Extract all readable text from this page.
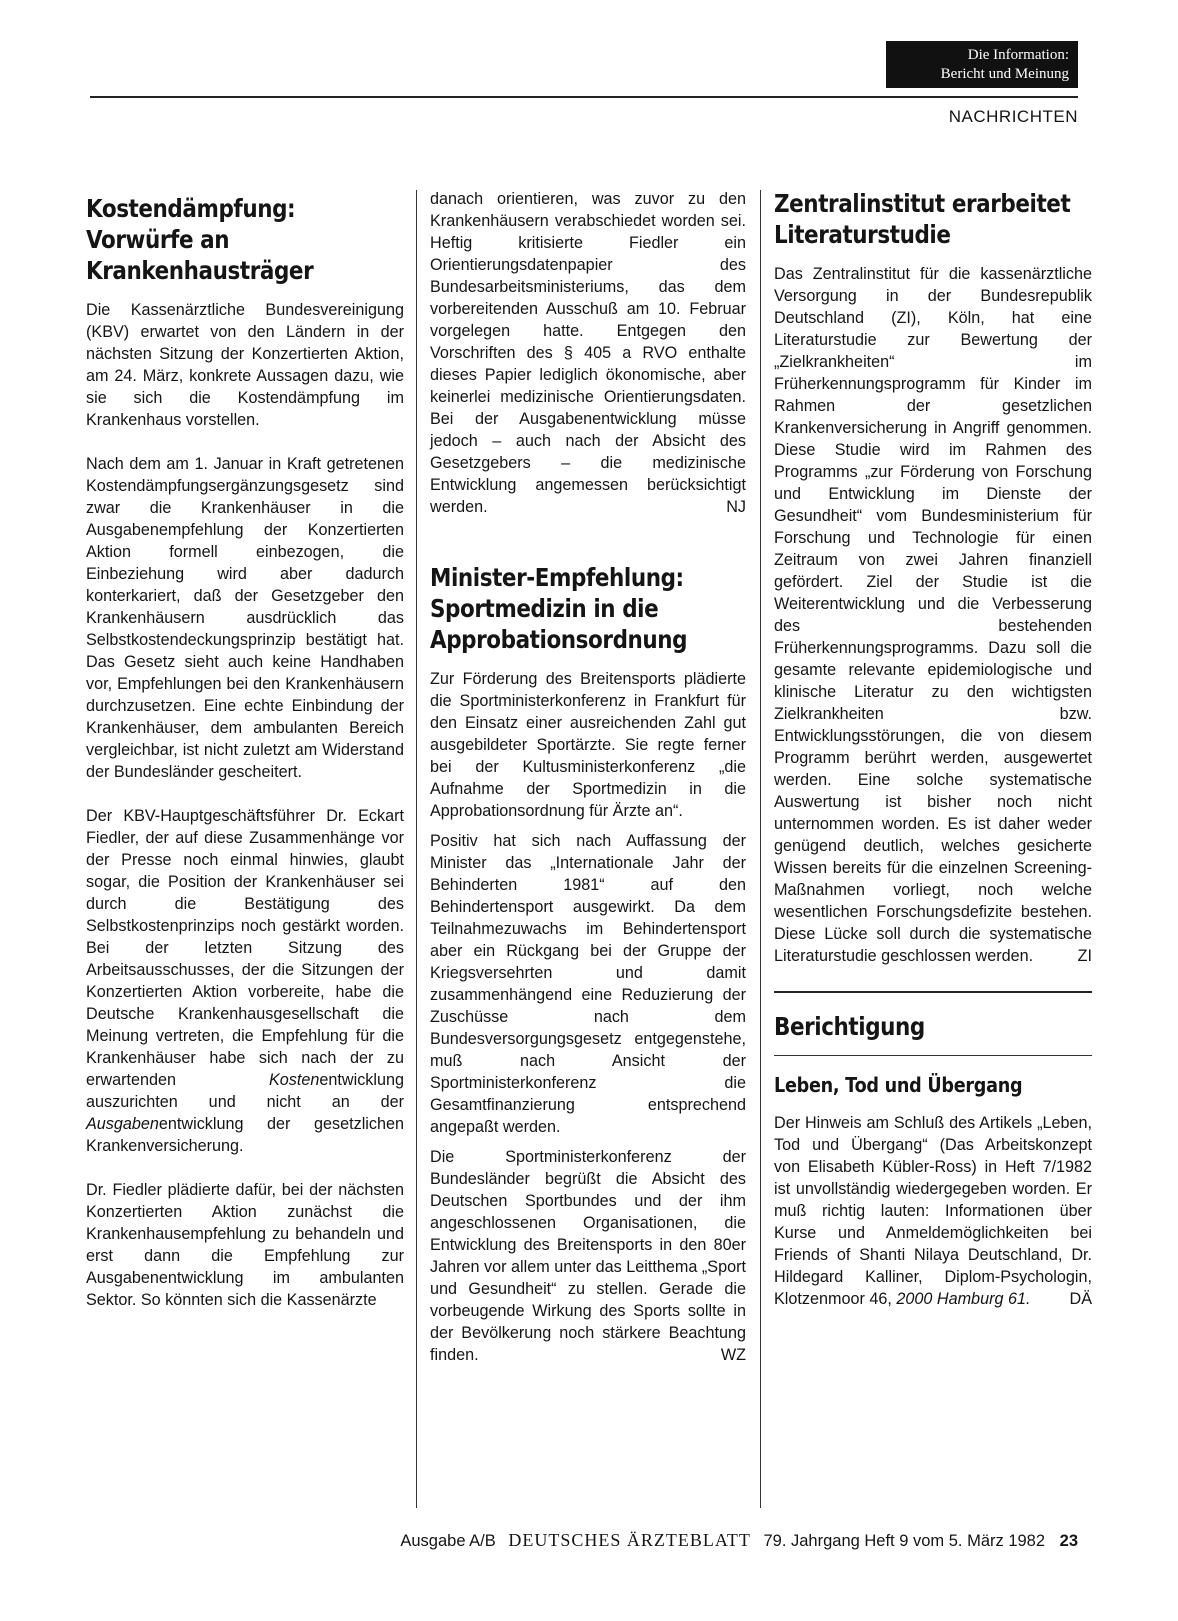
Die Information:
Bericht und Meinung
NACHRICHTEN
Kostendämpfung:
Vorwürfe an
Krankenhausträger

Die Kassenärztliche Bundesvereinigung (KBV) erwartet von den Ländern in der nächsten Sitzung der Konzertierten Aktion, am 24. März, konkrete Aussagen dazu, wie sie sich die Kostendämpfung im Krankenhaus vorstellen.

Nach dem am 1. Januar in Kraft getretenen Kostendämpfungsergänzungsgesetz sind zwar die Krankenhäuser in die Ausgabenempfehlung der Konzertierten Aktion formell einbezogen, die Einbeziehung wird aber dadurch konterkariert, daß der Gesetzgeber den Krankenhäusern ausdrücklich das Selbstkostendeckungsprinzip bestätigt hat. Das Gesetz sieht auch keine Handhaben vor, Empfehlungen bei den Krankenhäusern durchzusetzen. Eine echte Einbindung der Krankenhäuser, dem ambulanten Bereich vergleichbar, ist nicht zuletzt am Widerstand der Bundesländer gescheitert.

Der KBV-Hauptgeschäftsführer Dr. Eckart Fiedler, der auf diese Zusammenhänge vor der Presse noch einmal hinwies, glaubt sogar, die Position der Krankenhäuser sei durch die Bestätigung des Selbstkostenprinzips noch gestärkt worden. Bei der letzten Sitzung des Arbeitsausschusses, der die Sitzungen der Konzertierten Aktion vorbereite, habe die Deutsche Krankenhausgesellschaft die Meinung vertreten, die Empfehlung für die Krankenhäuser habe sich nach der zu erwartenden Kostenentwicklung auszurichten und nicht an der Ausgabenentwicklung der gesetzlichen Krankenversicherung.

Dr. Fiedler plädierte dafür, bei der nächsten Konzertierten Aktion zunächst die Krankenhausempfehlung zu behandeln und erst dann die Empfehlung zur Ausgabenentwicklung im ambulanten Sektor. So könnten sich die Kassenärzte

danach orientieren, was zuvor zu den Krankenhäusern verabschiedet worden sei. Heftig kritisierte Fiedler ein Orientierungsdatenpapier des Bundesarbeitsministeriums, das dem vorbereitenden Ausschuß am 10. Februar vorgelegen hatte. Entgegen den Vorschriften des § 405 a RVO enthalte dieses Papier lediglich ökonomische, aber keinerlei medizinische Orientierungsdaten. Bei der Ausgabenentwicklung müsse jedoch – auch nach der Absicht des Gesetzgebers – die medizinische Entwicklung angemessen berücksichtigt werden.	NJ

Minister-Empfehlung:
Sportmedizin in die
Approbationsordnung

Zur Förderung des Breitensports plädierte die Sportministerkonferenz in Frankfurt für den Einsatz einer ausreichenden Zahl gut ausgebildeter Sportärzte. Sie regte ferner bei der Kultusministerkonferenz „die Aufnahme der Sportmedizin in die Approbationsordnung für Ärzte an“.

Positiv hat sich nach Auffassung der Minister das „Internationale Jahr der Behinderten 1981“ auf den Behindertensport ausgewirkt. Da dem Teilnahmezuwachs im Behindertensport aber ein Rückgang bei der Gruppe der Kriegsversehrten und damit zusammenhängend eine Reduzierung der Zuschüsse nach dem Bundesversorgungsgesetz entgegenstehe, muß nach Ansicht der Sportministerkonferenz die Gesamtfinanzierung entsprechend angepaßt werden.

Die Sportministerkonferenz der Bundesländer begrüßt die Absicht des Deutschen Sportbundes und der ihm angeschlossenen Organisationen, die Entwicklung des Breitensports in den 80er Jahren vor allem unter das Leitthema „Sport und Gesundheit“ zu stellen. Gerade die vorbeugende Wirkung des Sports sollte in der Bevölkerung noch stärkere Beachtung finden.	WZ

Zentralinstitut erarbeitet
Literaturstudie

Das Zentralinstitut für die kassenärztliche Versorgung in der Bundesrepublik Deutschland (ZI), Köln, hat eine Literaturstudie zur Bewertung der „Zielkrankheiten“ im Früherkennungsprogramm für Kinder im Rahmen der gesetzlichen Krankenversicherung in Angriff genommen. Diese Studie wird im Rahmen des Programms „zur Förderung von Forschung und Entwicklung im Dienste der Gesundheit“ vom Bundesministerium für Forschung und Technologie für einen Zeitraum von zwei Jahren finanziell gefördert. Ziel der Studie ist die Weiterentwicklung und die Verbesserung des bestehenden Früherkennungsprogramms. Dazu soll die gesamte relevante epidemiologische und klinische Literatur zu den wichtigsten Zielkrankheiten bzw. Entwicklungsstörungen, die von diesem Programm berührt werden, ausgewertet werden. Eine solche systematische Auswertung ist bisher noch nicht unternommen worden. Es ist daher weder genügend deutlich, welches gesicherte Wissen bereits für die einzelnen Screening-Maßnahmen vorliegt, noch welche wesentlichen Forschungsdefizite bestehen. Diese Lücke soll durch die systematische Literaturstudie geschlossen werden.	ZI

Berichtigung
Leben, Tod und Übergang

Der Hinweis am Schluß des Artikels „Leben, Tod und Übergang“ (Das Arbeitskonzept von Elisabeth Kübler-Ross) in Heft 7/1982 ist unvollständig wiedergegeben worden. Er muß richtig lauten: Informationen über Kurse und Anmeldemöglichkeiten bei Friends of Shanti Nilaya Deutschland, Dr. Hildegard Kalliner, Diplom-Psychologin, Klotzenmoor 46, 2000 Hamburg 61. DÄ

Ausgabe A/B DEUTSCHES ÄRZTEBLATT 79. Jahrgang Heft 9 vom 5. März 1982 23
